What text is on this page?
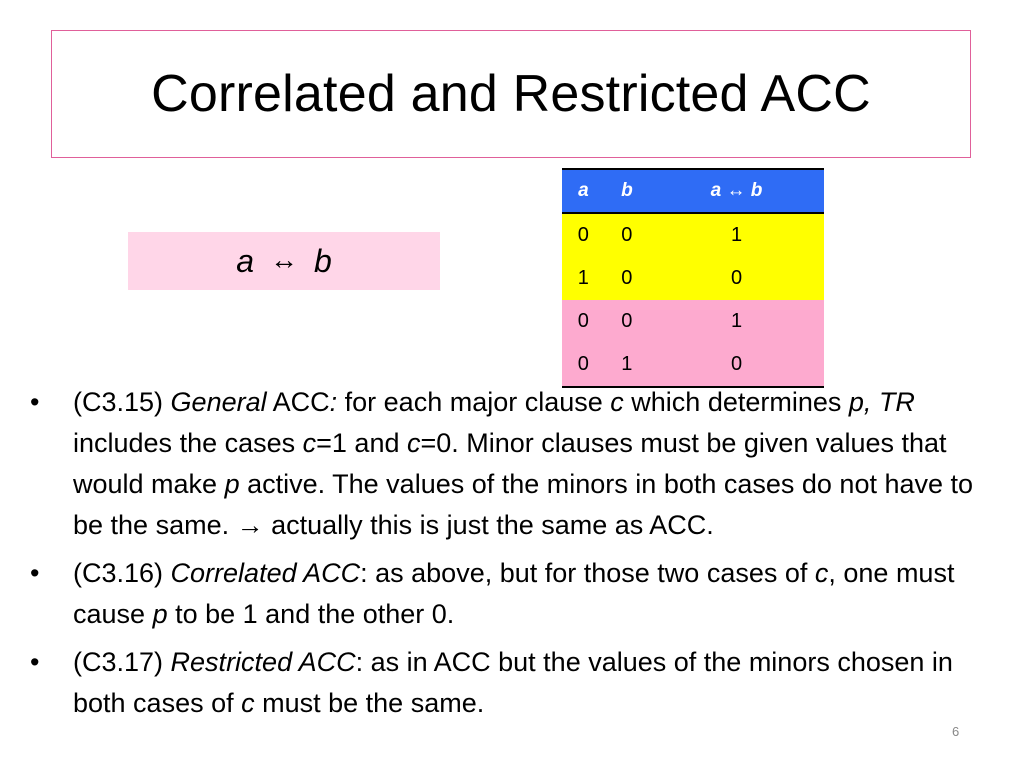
Correlated and Restricted ACC
a ↔ b
a	b	a ↔ b
0	0	1
1	0	0
0	0	1
0	1	0
• (C3.15) General ACC: for each major clause c which determines p, TR includes the cases c=1 and c=0. Minor clauses must be given values that would make p active. The values of the minors in both cases do not have to be the same. → actually this is just the same as ACC.
• (C3.16) Correlated ACC: as above, but for those two cases of c, one must cause p to be 1 and the other 0.
• (C3.17) Restricted ACC: as in ACC but the values of the minors chosen in both cases of c must be the same.
6
